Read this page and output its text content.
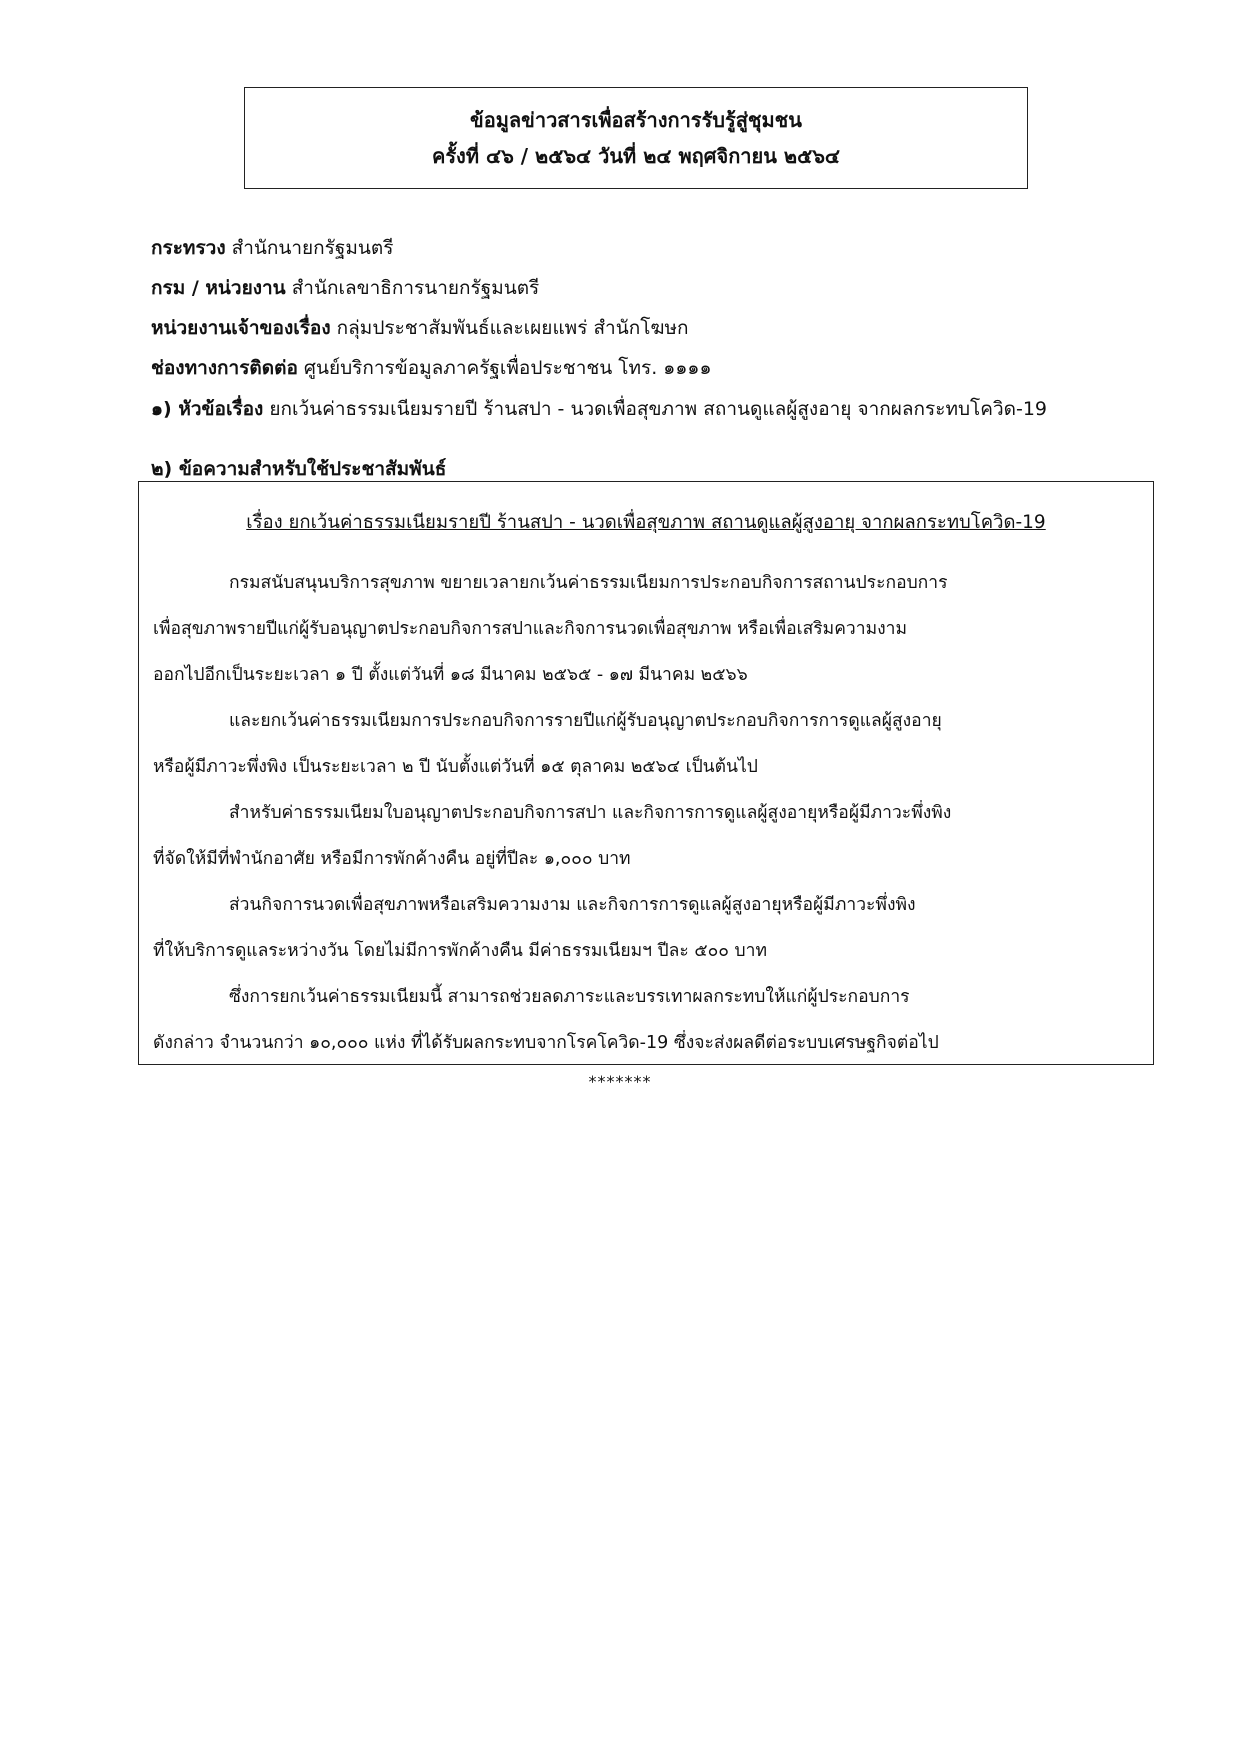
ข้อมูลข่าวสารเพื่อสร้างการรับรู้สู่ชุมชน
ครั้งที่ ๔๖ / ๒๕๖๔ วันที่ ๒๔ พฤศจิกายน ๒๕๖๔
กระทรวง สำนักนายกรัฐมนตรี
กรม / หน่วยงาน สำนักเลขาธิการนายกรัฐมนตรี
หน่วยงานเจ้าของเรื่อง กลุ่มประชาสัมพันธ์และเผยแพร่ สำนักโฆษก
ช่องทางการติดต่อ ศูนย์บริการข้อมูลภาครัฐเพื่อประชาชน โทร. ๑๑๑๑
๑) หัวข้อเรื่อง ยกเว้นค่าธรรมเนียมรายปี ร้านสปา - นวดเพื่อสุขภาพ สถานดูแลผู้สูงอายุ จากผลกระทบโควิด-19
๒) ข้อความสำหรับใช้ประชาสัมพันธ์
เรื่อง ยกเว้นค่าธรรมเนียมรายปี ร้านสปา - นวดเพื่อสุขภาพ สถานดูแลผู้สูงอายุ จากผลกระทบโควิด-19
กรมสนับสนุนบริการสุขภาพ ขยายเวลายกเว้นค่าธรรมเนียมการประกอบกิจการสถานประกอบการ
เพื่อสุขภาพรายปีแก่ผู้รับอนุญาตประกอบกิจการสปาและกิจการนวดเพื่อสุขภาพ หรือเพื่อเสริมความงาม
ออกไปอีกเป็นระยะเวลา ๑ ปี ตั้งแต่วันที่ ๑๘ มีนาคม ๒๕๖๕ - ๑๗ มีนาคม ๒๕๖๖
และยกเว้นค่าธรรมเนียมการประกอบกิจการรายปีแก่ผู้รับอนุญาตประกอบกิจการการดูแลผู้สูงอายุ
หรือผู้มีภาวะพึ่งพิง เป็นระยะเวลา ๒ ปี นับตั้งแต่วันที่ ๑๕ ตุลาคม ๒๕๖๔ เป็นต้นไป
สำหรับค่าธรรมเนียมใบอนุญาตประกอบกิจการสปา และกิจการการดูแลผู้สูงอายุหรือผู้มีภาวะพึ่งพิง
ที่จัดให้มีที่พำนักอาศัย หรือมีการพักค้างคืน อยู่ที่ปีละ ๑,๐๐๐ บาท
ส่วนกิจการนวดเพื่อสุขภาพหรือเสริมความงาม และกิจการการดูแลผู้สูงอายุหรือผู้มีภาวะพึ่งพิง
ที่ให้บริการดูแลระหว่างวัน โดยไม่มีการพักค้างคืน มีค่าธรรมเนียมฯ ปีละ ๕๐๐ บาท
ซึ่งการยกเว้นค่าธรรมเนียมนี้ สามารถช่วยลดภาระและบรรเทาผลกระทบให้แก่ผู้ประกอบการ
ดังกล่าว จำนวนกว่า ๑๐,๐๐๐ แห่ง ที่ได้รับผลกระทบจากโรคโควิด-19 ซึ่งจะส่งผลดีต่อระบบเศรษฐกิจต่อไป
*******
